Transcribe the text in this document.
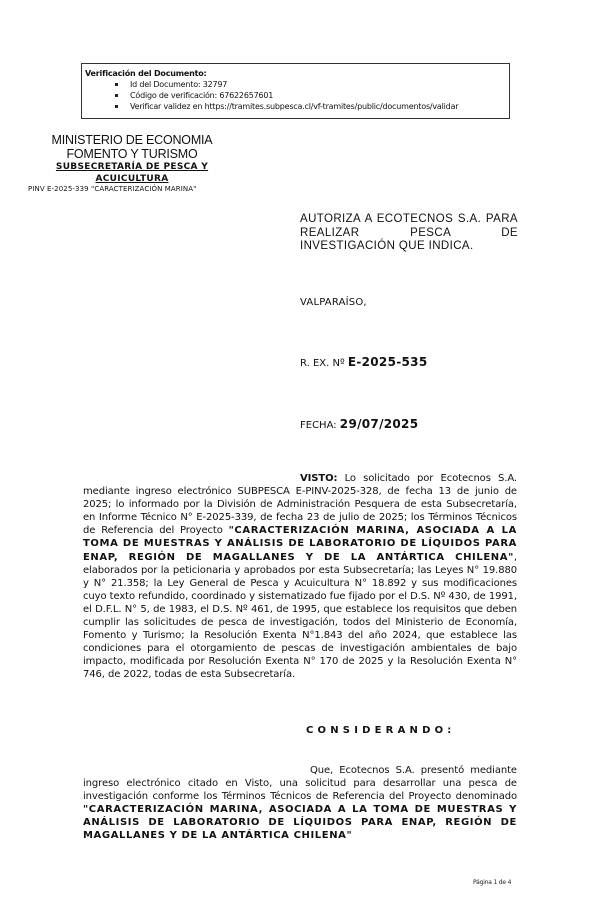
Verificación del Documento:
Id del Documento: 32797
Código de verificación: 67622657601
Verificar validez en https://tramites.subpesca.cl/vf-tramites/public/documentos/validar
MINISTERIO DE ECONOMIA
FOMENTO Y TURISMO
SUBSECRETARÍA DE PESCA Y
ACUICULTURA
PINV E-2025-339 "CARACTERIZACIÓN MARINA"
AUTORIZA A ECOTECNOS S.A. PARA REALIZAR PESCA DE INVESTIGACIÓN QUE INDICA.
VALPARAÍSO,
R. EX. Nº E-2025-535
FECHA: 29/07/2025
VISTO: Lo solicitado por Ecotecnos S.A. mediante ingreso electrónico SUBPESCA E-PINV-2025-328, de fecha 13 de junio de 2025; lo informado por la División de Administración Pesquera de esta Subsecretaría, en Informe Técnico N° E-2025-339, de fecha 23 de julio de 2025; los Términos Técnicos de Referencia del Proyecto "CARACTERIZACIÓN MARINA, ASOCIADA A LA TOMA DE MUESTRAS Y ANÁLISIS DE LABORATORIO DE LÍQUIDOS PARA ENAP, REGIÓN DE MAGALLANES Y DE LA ANTÁRTICA CHILENA", elaborados por la peticionaria y aprobados por esta Subsecretaría; las Leyes N° 19.880 y N° 21.358; la Ley General de Pesca y Acuicultura N° 18.892 y sus modificaciones cuyo texto refundido, coordinado y sistematizado fue fijado por el D.S. Nº 430, de 1991, el D.F.L. N° 5, de 1983, el D.S. Nº 461, de 1995, que establece los requisitos que deben cumplir las solicitudes de pesca de investigación, todos del Ministerio de Economía, Fomento y Turismo; la Resolución Exenta N°1.843 del año 2024, que establece las condiciones para el otorgamiento de pescas de investigación ambientales de bajo impacto, modificada por Resolución Exenta N° 170 de 2025 y la Resolución Exenta N° 746, de 2022, todas de esta Subsecretaría.
CONSIDERANDO:
Que, Ecotecnos S.A. presentó mediante ingreso electrónico citado en Visto, una solicitud para desarrollar una pesca de investigación conforme los Términos Técnicos de Referencia del Proyecto denominado "CARACTERIZACIÓN MARINA, ASOCIADA A LA TOMA DE MUESTRAS Y ANÁLISIS DE LABORATORIO DE LÍQUIDOS PARA ENAP, REGIÓN DE MAGALLANES Y DE LA ANTÁRTICA CHILENA"
Página 1 de 4
